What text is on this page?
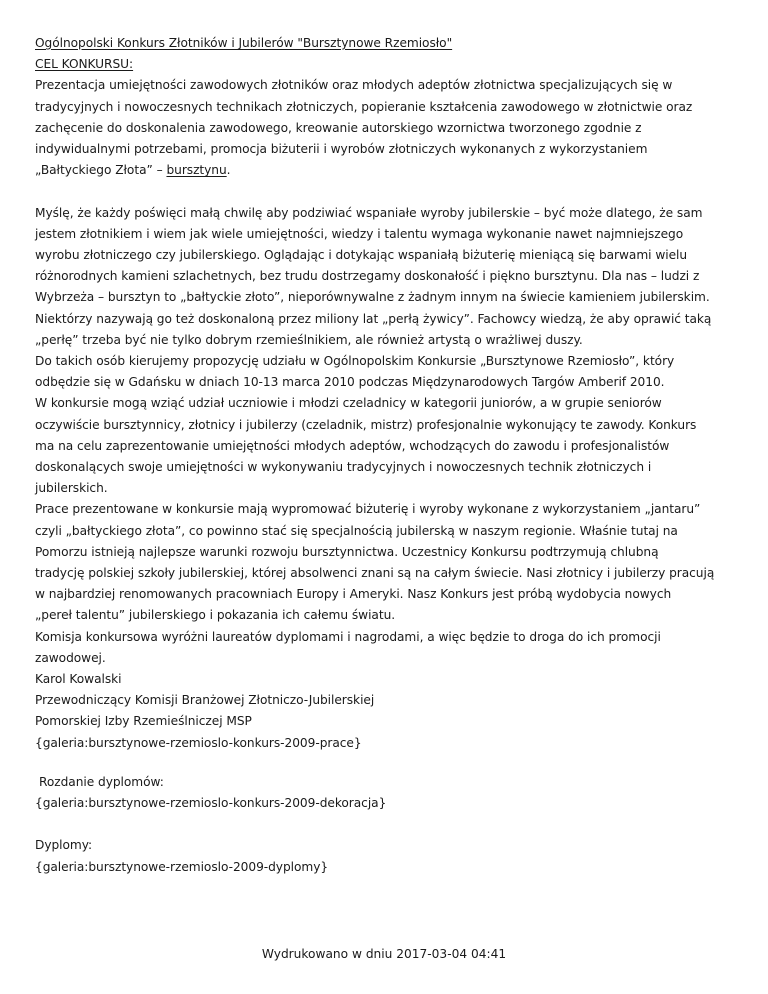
Ogólnopolski Konkurs Złotników i Jubilerów "Bursztynowe Rzemiosło"
CEL KONKURSU:
Prezentacja umiejętności zawodowych złotników oraz młodych adeptów złotnictwa specjalizujących się w
tradycyjnych i nowoczesnych technikach złotniczych, popieranie kształcenia zawodowego w złotnictwie oraz
zachęcenie do doskonalenia zawodowego, kreowanie autorskiego wzornictwa tworzonego zgodnie z
indywidualnymi potrzebami, promocja biżuterii i wyrobów złotniczych wykonanych z wykorzystaniem
„Bałtyckiego Złota” – bursztynu.
Myślę, że każdy poświęci małą chwilę aby podziwiać wspaniałe wyroby jubilerskie – być może dlatego, że sam
jestem złotnikiem i wiem jak wiele umiejętności, wiedzy i talentu wymaga wykonanie nawet najmniejszego
wyrobu złotniczego czy jubilerskiego. Oglądając i dotykając wspaniałą biżuterię mieniącą się barwami wielu
różnorodnych kamieni szlachetnych, bez trudu dostrzegamy doskonałość i piękno bursztynu. Dla nas – ludzi z
Wybrzeża – bursztyn to „bałtyckie złoto”, nieporównywalne z żadnym innym na świecie kamieniem jubilerskim.
Niektórzy nazywają go też doskonaloną przez miliony lat „perłą żywicy”. Fachowcy wiedzą, że aby oprawić taką
„perłę” trzeba być nie tylko dobrym rzemieślnikiem, ale również artystą o wrażliwej duszy.
Do takich osób kierujemy propozycję udziału w Ogólnopolskim Konkursie „Bursztynowe Rzemiosło”, który
odbędzie się w Gdańsku w dniach 10-13 marca 2010 podczas Międzynarodowych Targów Amberif 2010.
W konkursie mogą wziąć udział uczniowie i młodzi czeladnicy w kategorii juniorów, a w grupie seniorów
oczywiście bursztynnicy, złotnicy i jubilerzy (czeladnik, mistrz) profesjonalnie wykonujący te zawody. Konkurs
ma na celu zaprezentowanie umiejętności młodych adeptów, wchodzących do zawodu i profesjonalistów
doskonalących swoje umiejętności w wykonywaniu tradycyjnych i nowoczesnych technik złotniczych i
jubilerskich.
Prace prezentowane w konkursie mają wypromować biżuterię i wyroby wykonane z wykorzystaniem „jantaru”
czyli „bałtyckiego złota”, co powinno stać się specjalnością jubilerską w naszym regionie. Właśnie tutaj na
Pomorzu istnieją najlepsze warunki rozwoju bursztynnictwa. Uczestnicy Konkursu podtrzymują chlubną
tradycję polskiej szkoły jubilerskiej, której absolwenci znani są na całym świecie. Nasi złotnicy i jubilerzy pracują
w najbardziej renomowanych pracowniach Europy i Ameryki. Nasz Konkurs jest próbą wydobycia nowych
„pereł talentu” jubilerskiego i pokazania ich całemu światu.
Komisja konkursowa wyróżni laureatów dyplomami i nagrodami, a więc będzie to droga do ich promocji
zawodowej.
Karol Kowalski
Przewodniczący Komisji Branżowej Złotniczo-Jubilerskiej
Pomorskiej Izby Rzemieślniczej MSP
{galeria:bursztynowe-rzemioslo-konkurs-2009-prace}
Rozdanie dyplomów:
{galeria:bursztynowe-rzemioslo-konkurs-2009-dekoracja}
Dyplomy:
{galeria:bursztynowe-rzemioslo-2009-dyplomy}
Wydrukowano w dniu 2017-03-04 04:41
